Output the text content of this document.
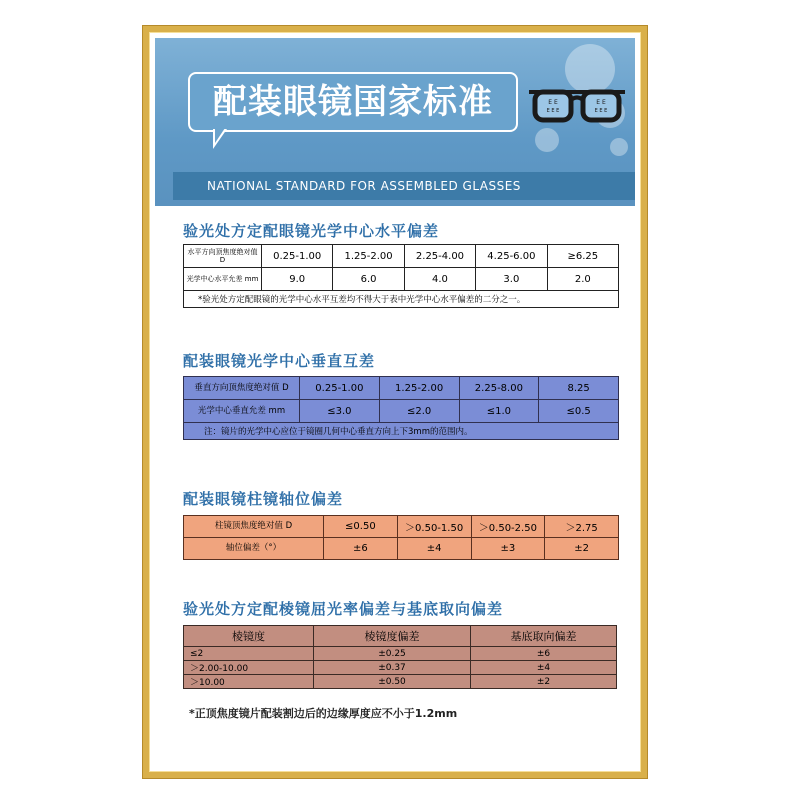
配装眼镜国家标准	E E
E E E
E E
E E E
NATIONAL STANDARD FOR ASSEMBLED GLASSES
验光处方定配眼镜光学中心水平偏差
水平方向顶焦度绝对值 D	0.25-1.00	1.25-2.00	2.25-4.00	4.25-6.00	≥6.25
光学中心水平允差 mm	9.0	6.0	4.0	3.0	2.0
*验光处方定配眼镜的光学中心水平互差均不得大于表中光学中心水平偏差的二分之一。					
配装眼镜光学中心垂直互差
垂直方向顶焦度绝对值 D	0.25-1.00	1.25-2.00	2.25-8.00	8.25
光学中心垂直允差 mm	≤3.0	≤2.0	≤1.0	≤0.5
注：镜片的光学中心应位于镜圈几何中心垂直方向上下3mm的范围内。				
配装眼镜柱镜轴位偏差
柱镜顶焦度绝对值 D	≤0.50	＞0.50-1.50	＞0.50-2.50	＞2.75
轴位偏差（°）	±6	±4	±3	±2
验光处方定配棱镜屈光率偏差与基底取向偏差
棱镜度	棱镜度偏差	基底取向偏差
≤2	±0.25	±6
＞2.00-10.00	±0.37	±4
＞10.00	±0.50	±2
*正顶焦度镜片配装割边后的边缘厚度应不小于1.2mm
